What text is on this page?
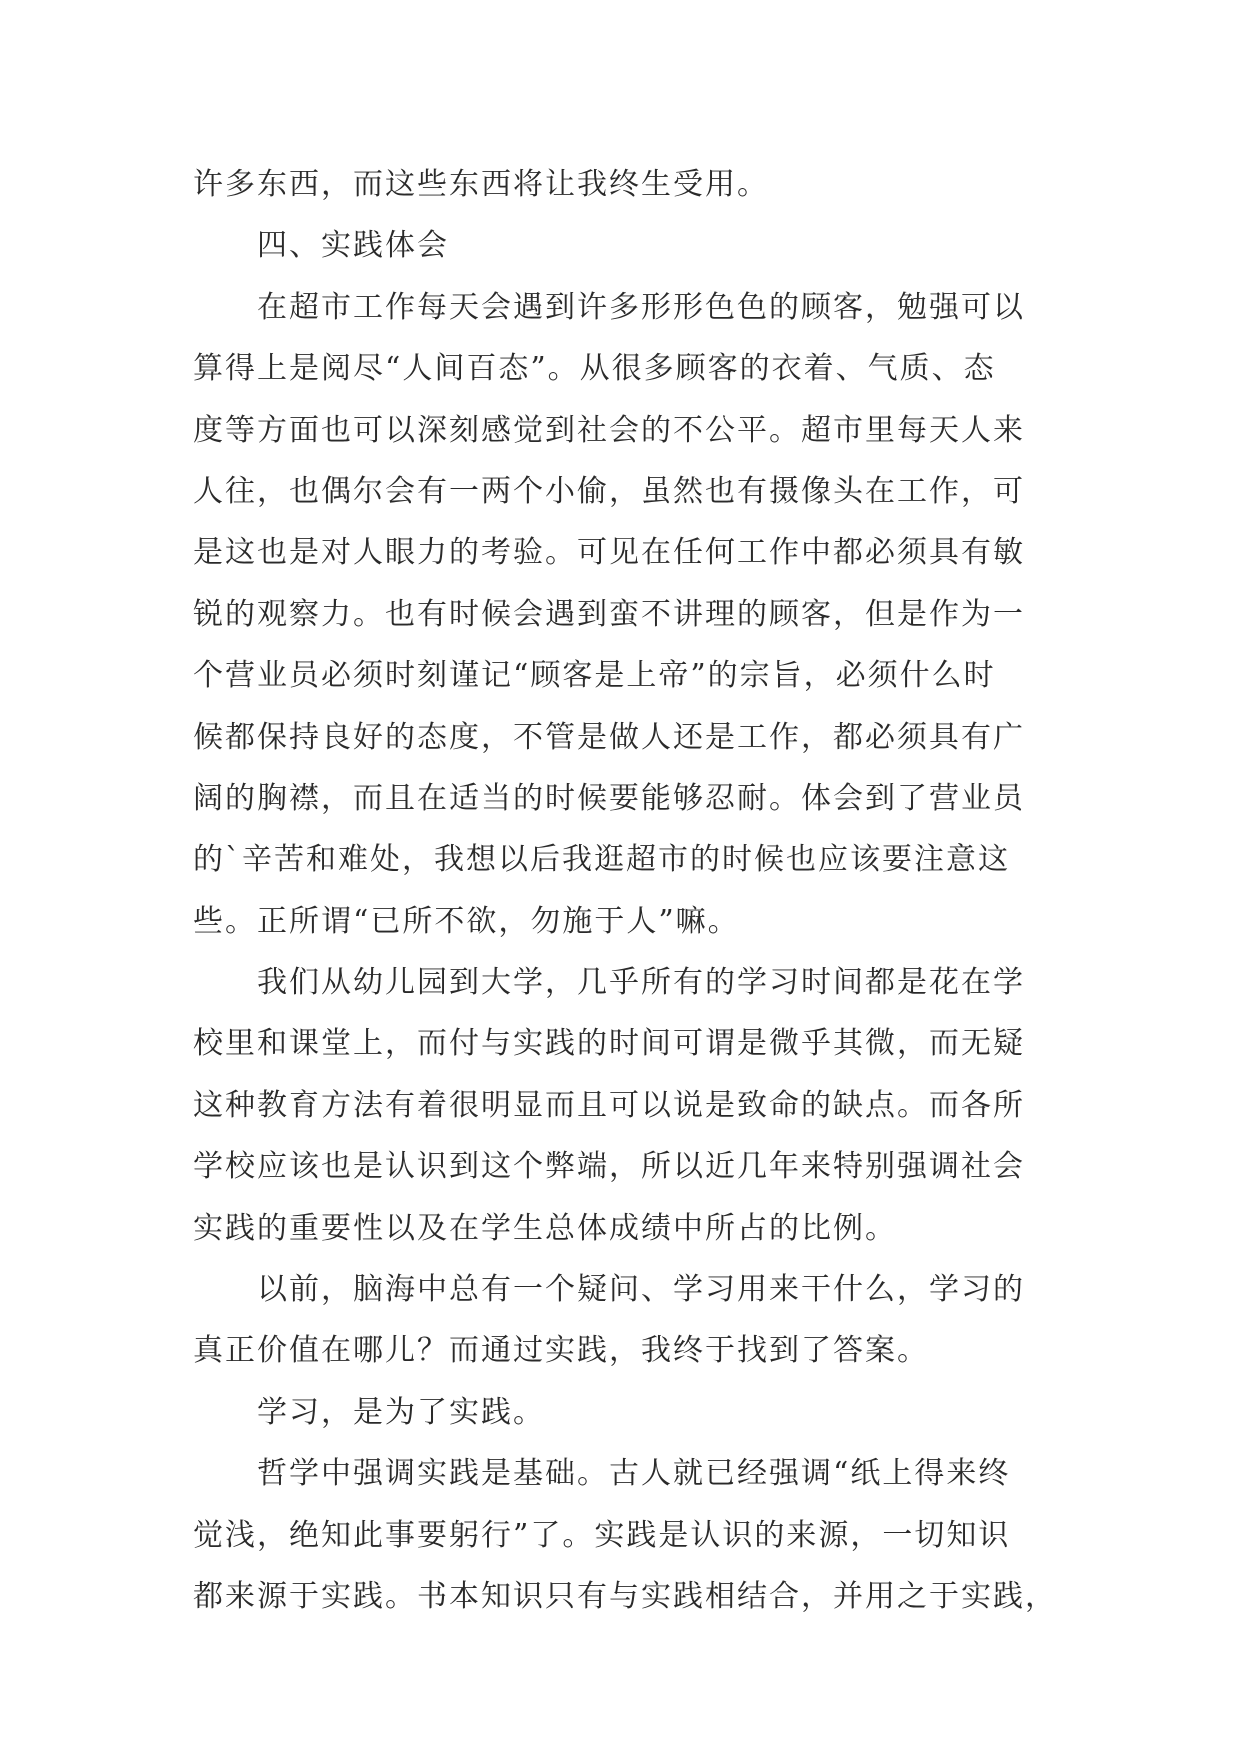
许多东西，而这些东西将让我终生受用。
四、实践体会
在超市工作每天会遇到许多形形色色的顾客，勉强可以
算得上是阅尽“人间百态”。从很多顾客的衣着、气质、态
度等方面也可以深刻感觉到社会的不公平。超市里每天人来
人往，也偶尔会有一两个小偷，虽然也有摄像头在工作，可
是这也是对人眼力的考验。可见在任何工作中都必须具有敏
锐的观察力。也有时候会遇到蛮不讲理的顾客，但是作为一
个营业员必须时刻谨记“顾客是上帝”的宗旨，必须什么时
候都保持良好的态度，不管是做人还是工作，都必须具有广
阔的胸襟，而且在适当的时候要能够忍耐。体会到了营业员
的`辛苦和难处，我想以后我逛超市的时候也应该要注意这
些。正所谓“已所不欲，勿施于人”嘛。
我们从幼儿园到大学，几乎所有的学习时间都是花在学
校里和课堂上，而付与实践的时间可谓是微乎其微，而无疑
这种教育方法有着很明显而且可以说是致命的缺点。而各所
学校应该也是认识到这个弊端，所以近几年来特别强调社会
实践的重要性以及在学生总体成绩中所占的比例。
以前，脑海中总有一个疑问、学习用来干什么，学习的
真正价值在哪儿？而通过实践，我终于找到了答案。
学习，是为了实践。
哲学中强调实践是基础。古人就已经强调“纸上得来终
觉浅，绝知此事要躬行”了。实践是认识的来源，一切知识
都来源于实践。书本知识只有与实践相结合，并用之于实践，
